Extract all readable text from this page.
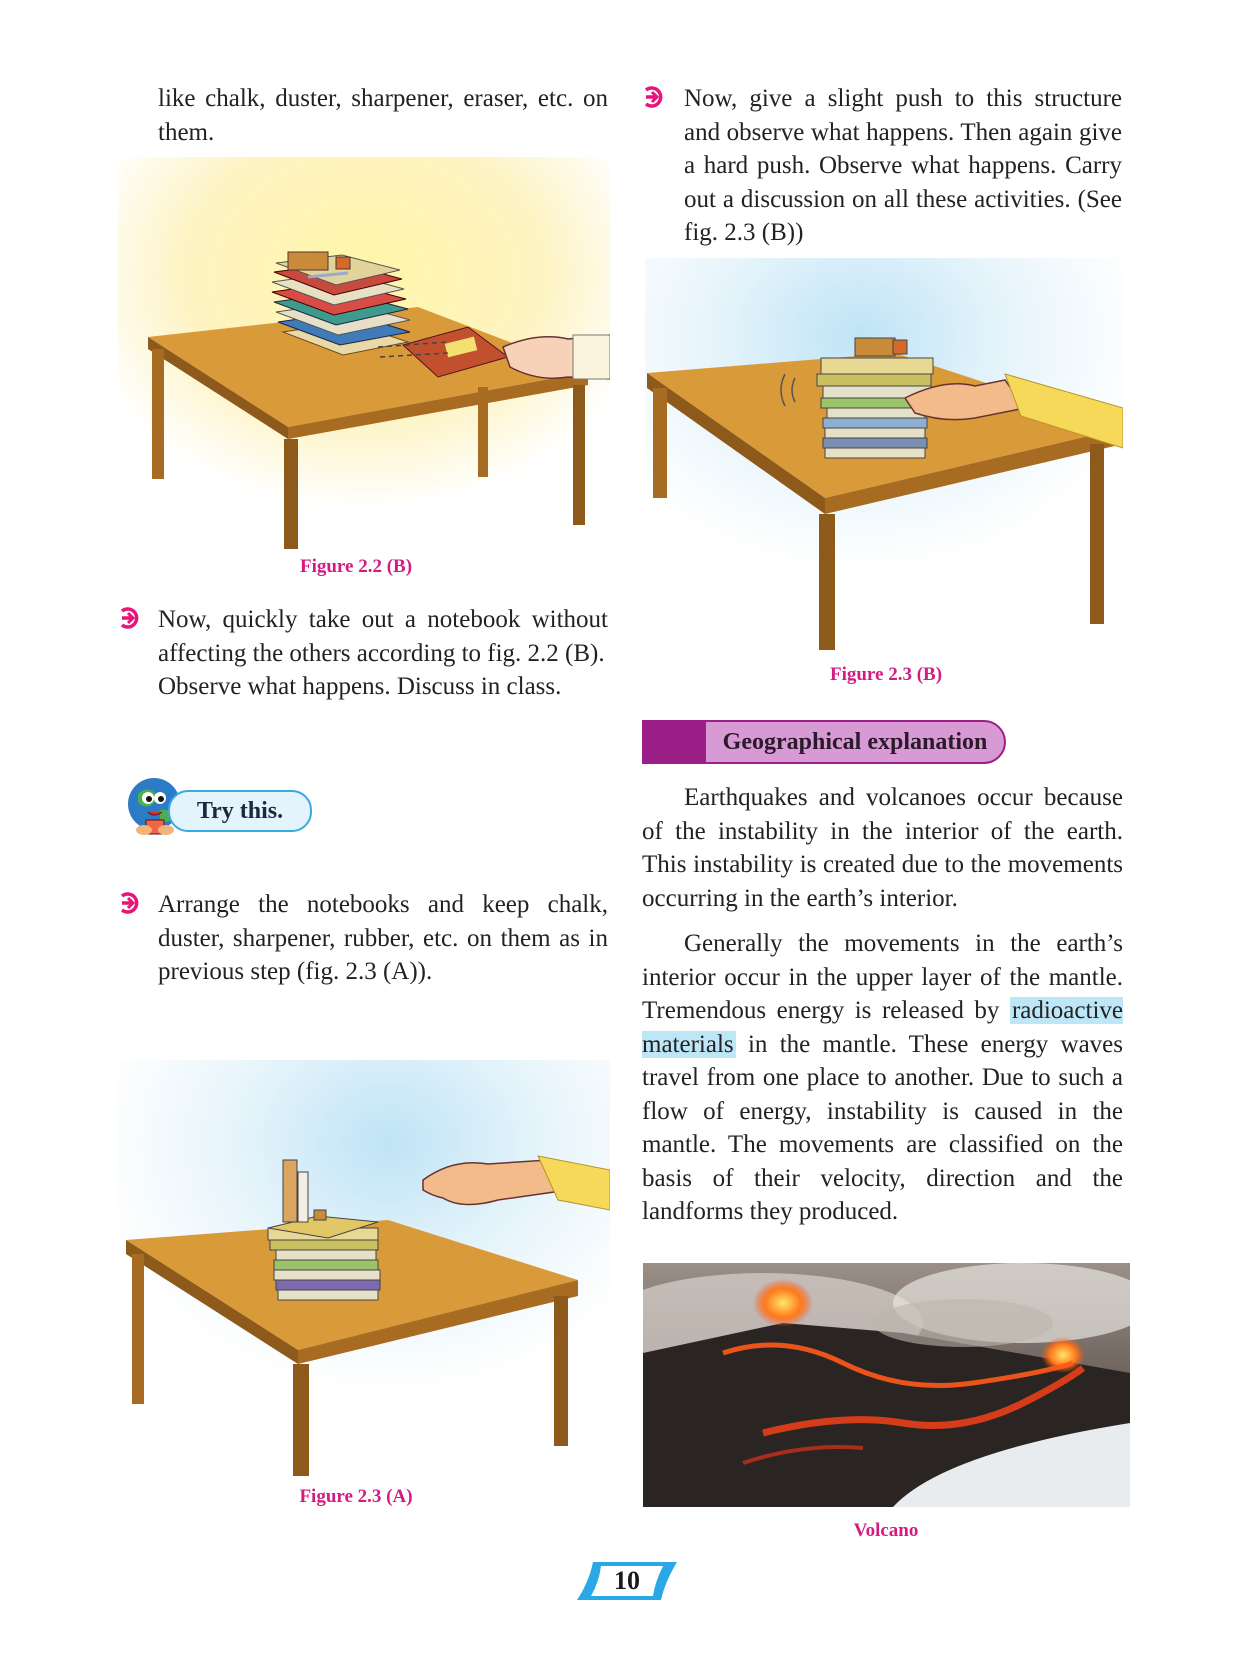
like chalk, duster, sharpener, eraser, etc. on them.
Figure 2.2 (B)
Now, quickly take out a notebook without affecting the others according to fig. 2.2 (B).
Observe what happens. Discuss in class.
Try this.
Arrange the notebooks and keep chalk, duster, sharpener, rubber, etc. on them as in previous step (fig. 2.3 (A)).
Figure 2.3 (A)
Now, give a slight push to this structure and observe what happens. Then again give a hard push. Observe what happens. Carry out a discussion on all these activities. (See fig. 2.3 (B))
Figure 2.3 (B)
Geographical explanation
Earthquakes and volcanoes occur because of the instability in the interior of the earth. This instability is created due to the movements occurring in the earth’s interior.
Generally the movements in the earth’s interior occur in the upper layer of the mantle. Tremendous energy is released by radioactive materials in the mantle. These energy waves travel from one place to another. Due to such a flow of energy, instability is caused in the mantle. The movements are classified on the basis of their velocity, direction and the landforms they produced.
Volcano
10
